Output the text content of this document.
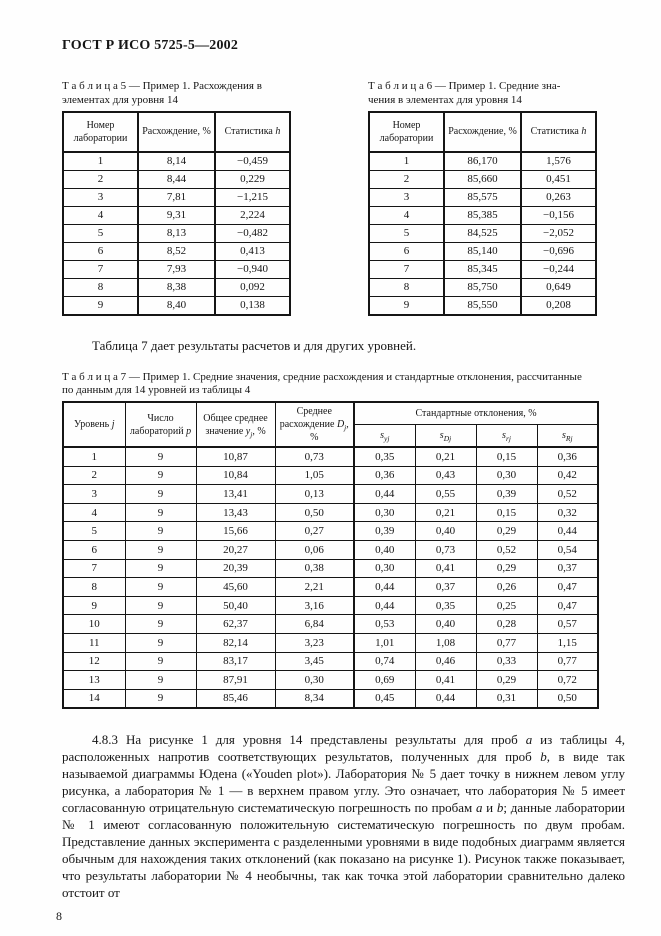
ГОСТ Р ИСО 5725-5—2002
Т а б л и ц а 5 — Пример 1. Расхождения в
элементах для уровня 14
Номер лаборатории	Расхождение, %	Статистика h
1	8,14	−0,459
2	8,44	0,229
3	7,81	−1,215
4	9,31	2,224
5	8,13	−0,482
6	8,52	0,413
7	7,93	−0,940
8	8,38	0,092
9	8,40	0,138
Т а б л и ц а 6 — Пример 1. Средние зна-
чения в элементах для уровня 14
Номер лаборатории	Расхождение, %	Статистика h
1	86,170	1,576
2	85,660	0,451
3	85,575	0,263
4	85,385	−0,156
5	84,525	−2,052
6	85,140	−0,696
7	85,345	−0,244
8	85,750	0,649
9	85,550	0,208

Таблица 7 дает результаты расчетов и для других уровней.

Т а б л и ц а 7 — Пример 1. Средние значения, средние расхождения и стандартные отклонения, рассчитанные
по данным для 14 уровней из таблицы 4
Уровень j	Число лабораторий p	Общее среднее значение $y_j$, %	Среднее расхождение $D_j$, %	Стандартные отклонения, %			
				$s_{yj}$	$s_{Dj}$	$s_{rj}$	$s_{Rj}$
1	9	10,87	0,73	0,35	0,21	0,15	0,36
2	9	10,84	1,05	0,36	0,43	0,30	0,42
3	9	13,41	0,13	0,44	0,55	0,39	0,52
4	9	13,43	0,50	0,30	0,21	0,15	0,32
5	9	15,66	0,27	0,39	0,40	0,29	0,44
6	9	20,27	0,06	0,40	0,73	0,52	0,54
7	9	20,39	0,38	0,30	0,41	0,29	0,37
8	9	45,60	2,21	0,44	0,37	0,26	0,47
9	9	50,40	3,16	0,44	0,35	0,25	0,47
10	9	62,37	6,84	0,53	0,40	0,28	0,57
11	9	82,14	3,23	1,01	1,08	0,77	1,15
12	9	83,17	3,45	0,74	0,46	0,33	0,77
13	9	87,91	0,30	0,69	0,41	0,29	0,72
14	9	85,46	8,34	0,45	0,44	0,31	0,50

4.8.3 На рисунке 1 для уровня 14 представлены результаты для проб a из таблицы 4, расположенных напротив соответствующих результатов, полученных для проб b, в виде так называемой диаграммы Юдена («Youden plot»). Лаборатория № 5 дает точку в нижнем левом углу рисунка, а лаборатория № 1 — в верхнем правом углу. Это означает, что лаборатория № 5 имеет согласованную отрицательную систематическую погрешность по пробам a и b; данные лаборатории № 1 имеют согласованную положительную систематическую погрешность по двум пробам. Представление данных эксперимента с разделенными уровнями в виде подобных диаграмм является обычным для нахождения таких отклонений (как показано на рисунке 1). Рисунок также показывает, что результаты лаборатории № 4 необычны, так как точка этой лаборатории сравнительно далеко отстоит от

8
